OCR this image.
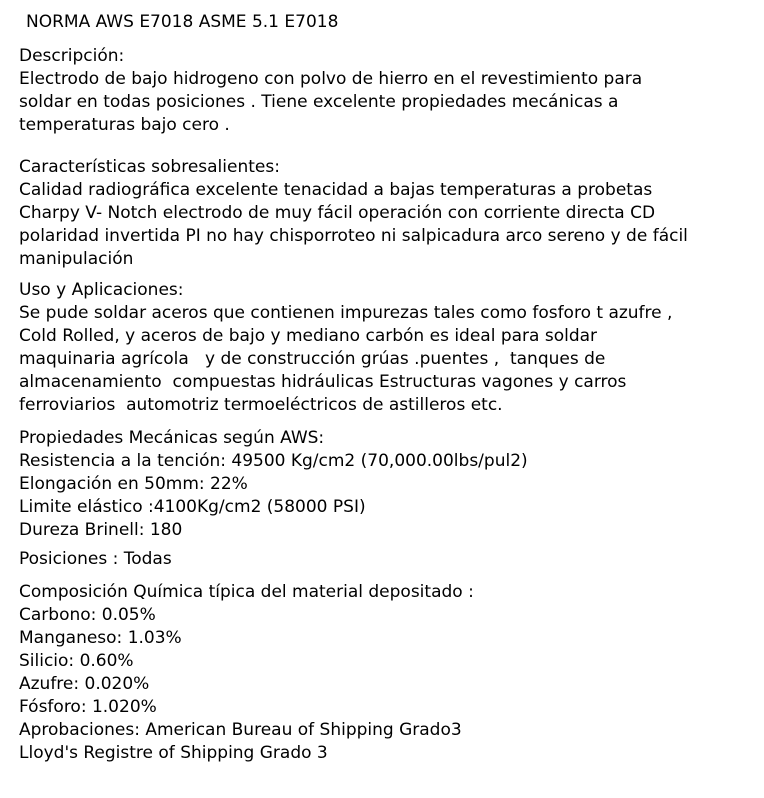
NORMA AWS E7018 ASME 5.1 E7018
Descripción:
Electrodo de bajo hidrogeno con polvo de hierro en el revestimiento para
soldar en todas posiciones . Tiene excelente propiedades mecánicas a
temperaturas bajo cero .
Características sobresalientes:
Calidad radiográfica excelente tenacidad a bajas temperaturas a probetas
Charpy V- Notch electrodo de muy fácil operación con corriente directa CD
polaridad invertida PI no hay chisporroteo ni salpicadura arco sereno y de fácil
manipulación
Uso y Aplicaciones:
Se pude soldar aceros que contienen impurezas tales como fosforo t azufre ,
Cold Rolled, y aceros de bajo y mediano carbón es ideal para soldar
maquinaria agrícola   y de construcción grúas .puentes ,  tanques de
almacenamiento  compuestas hidráulicas Estructuras vagones y carros
ferroviarios  automotriz termoeléctricos de astilleros etc.
Propiedades Mecánicas según AWS:
Resistencia a la tención: 49500 Kg/cm2 (70,000.00lbs/pul2)
Elongación en 50mm: 22%
Limite elástico :4100Kg/cm2 (58000 PSI)
Dureza Brinell: 180
Posiciones : Todas
Composición Química típica del material depositado :
Carbono: 0.05%
Manganeso: 1.03%
Silicio: 0.60%
Azufre: 0.020%
Fósforo: 1.020%
Aprobaciones: American Bureau of Shipping Grado3
Lloyd's Registre of Shipping Grado 3
